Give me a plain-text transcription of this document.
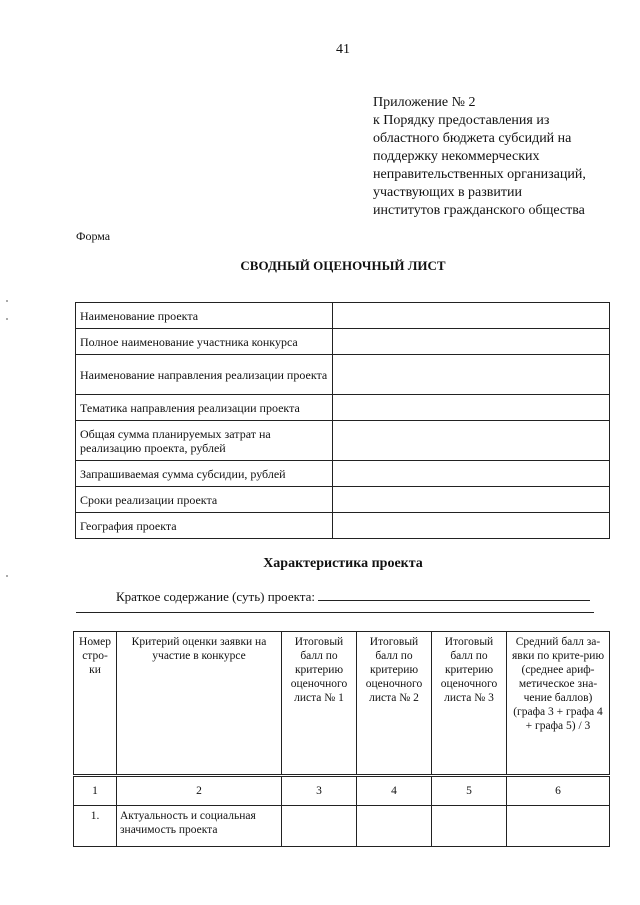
41
Приложение № 2
к Порядку предоставления из
областного бюджета субсидий на
поддержку некоммерческих
неправительственных организаций,
участвующих в развитии
институтов гражданского общества
Форма
СВОДНЫЙ ОЦЕНОЧНЫЙ ЛИСТ
Наименование проекта	
Полное наименование участника конкурса	
Наименование направления реализации проекта	
Тематика направления реализации проекта	
Общая сумма планируемых затрат на реализацию проекта, рублей	
Запрашиваемая сумма субсидии, рублей	
Сроки реализации проекта	
География проекта	
Характеристика проекта
Краткое содержание (суть) проекта:
Номер стро-ки	Критерий оценки заявки на участие в конкурсе	Итоговый балл по критерию оценочного листа № 1	Итоговый балл по критерию оценочного листа № 2	Итоговый балл по критерию оценочного листа № 3	Средний балл за-явки по крите-рию (среднее ариф-метическое зна-чение баллов) (графа 3 + графа 4 + графа 5) / 3
1	2	3	4	5	6
1.	Актуальность и социальная значимость проекта				
